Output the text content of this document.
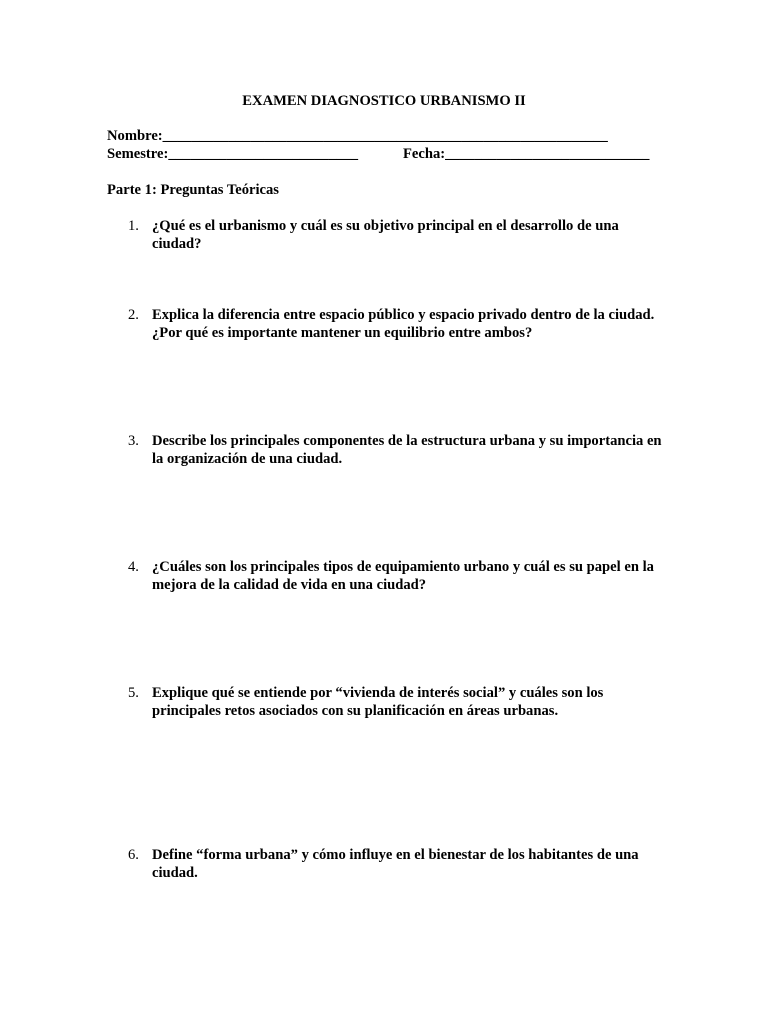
EXAMEN DIAGNOSTICO URBANISMO II
Nombre:_____________________________________________________________
Semestre:__________________________	Fecha:____________________________
Parte 1: Preguntas Teóricas
1. ¿Qué es el urbanismo y cuál es su objetivo principal en el desarrollo de una ciudad?
2. Explica la diferencia entre espacio público y espacio privado dentro de la ciudad. ¿Por qué es importante mantener un equilibrio entre ambos?
3. Describe los principales componentes de la estructura urbana y su importancia en la organización de una ciudad.
4. ¿Cuáles son los principales tipos de equipamiento urbano y cuál es su papel en la mejora de la calidad de vida en una ciudad?
5. Explique qué se entiende por “vivienda de interés social” y cuáles son los principales retos asociados con su planificación en áreas urbanas.
6. Define “forma urbana” y cómo influye en el bienestar de los habitantes de una ciudad.
